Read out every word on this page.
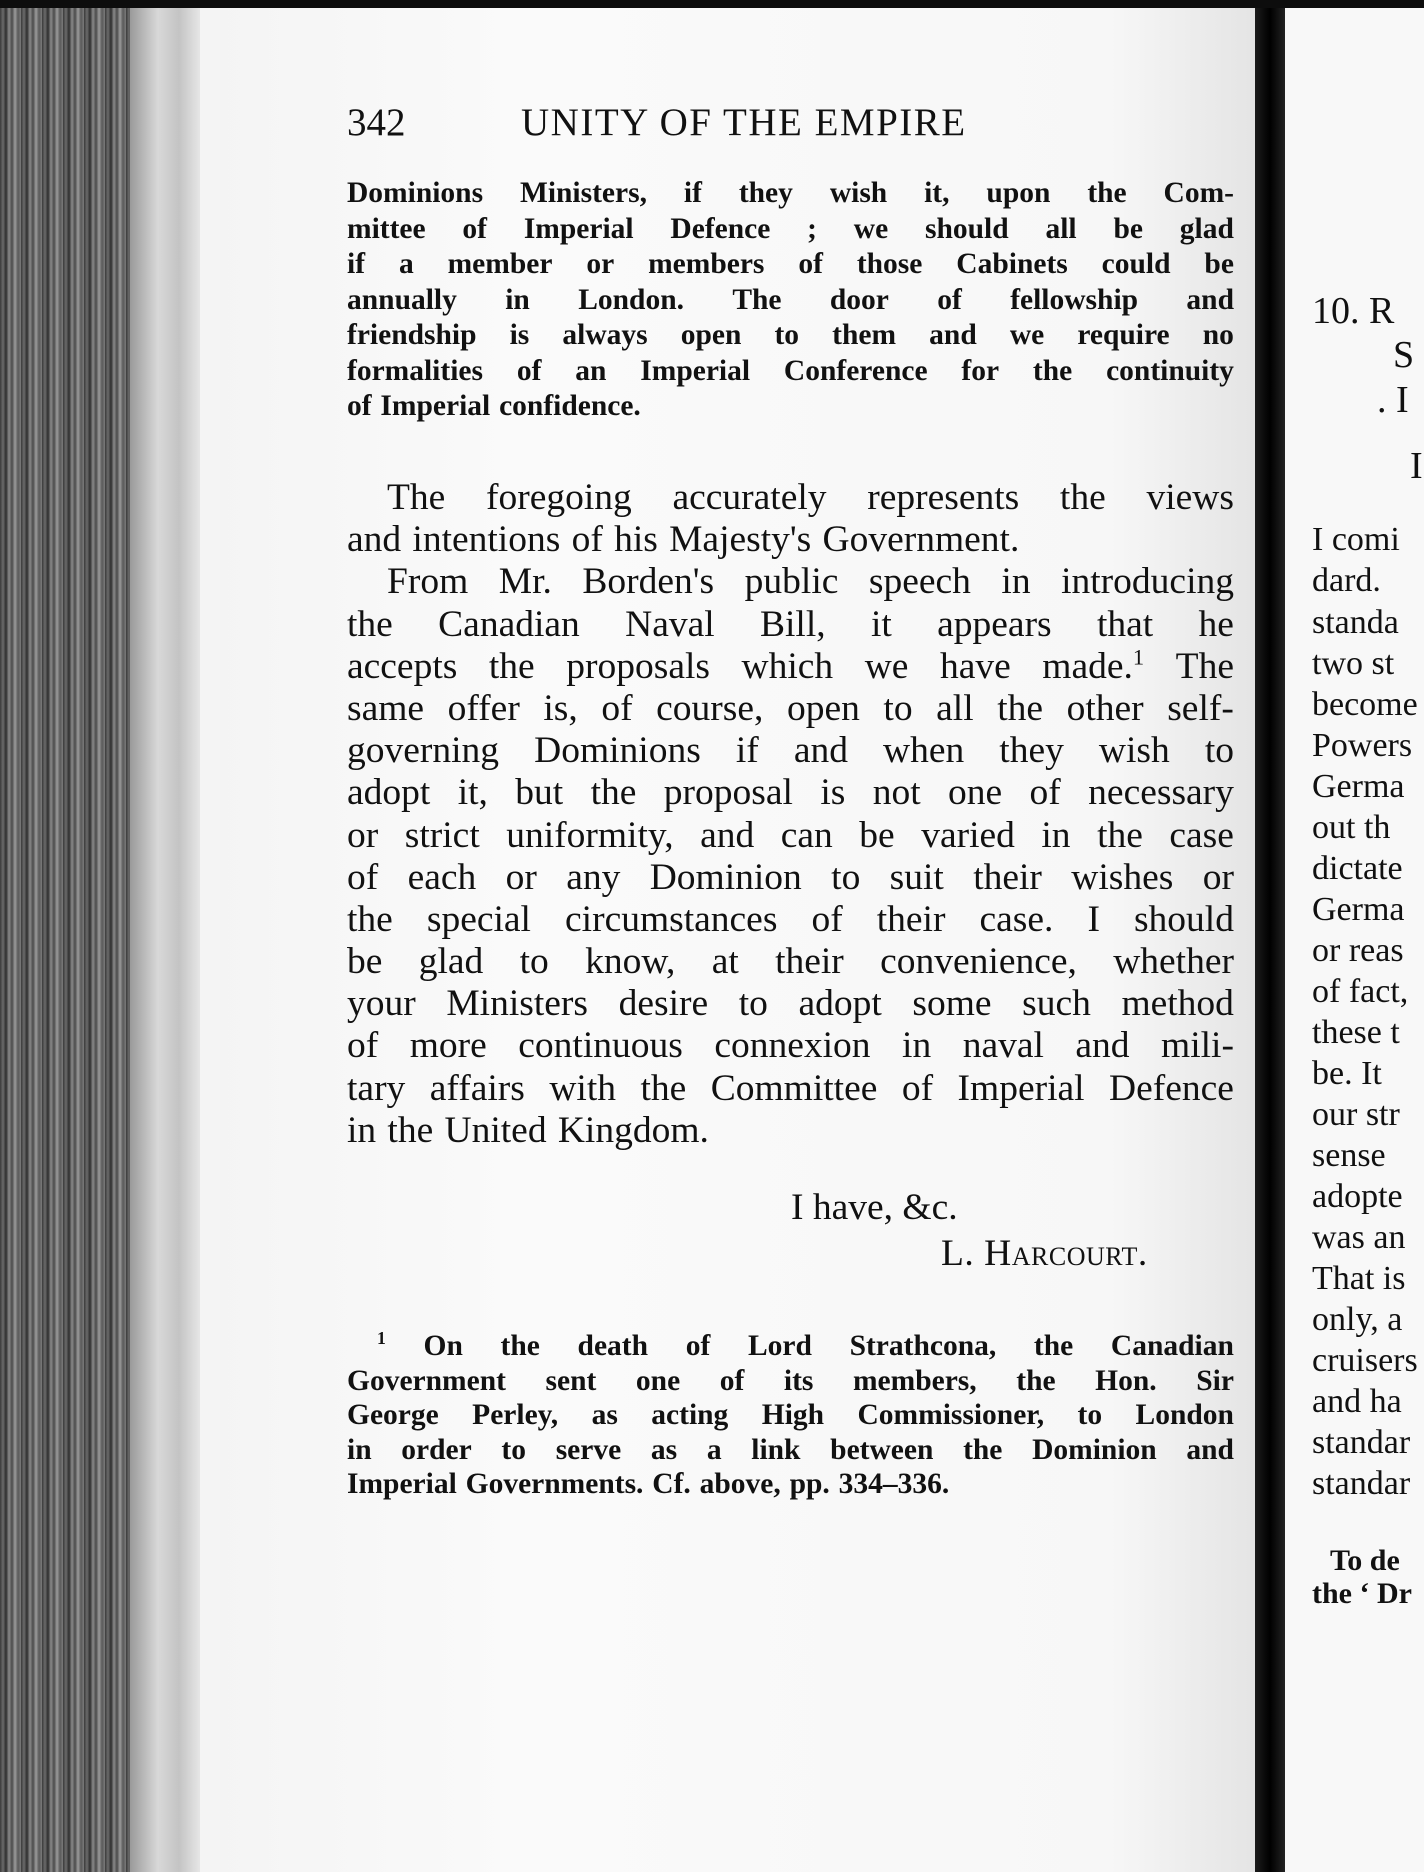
10. R
S
. I
I
I comi
dard.
standa
two st
become
Powers
Germa
out th
dictate
Germa
or reas
of fact,
these t
be. It
our str
sense
adopte
was an
That is
only, a
cruisers
and ha
standar
standar
To de
the ‘ Dr
342	UNITY OF THE EMPIRE
Dominions Ministers, if they wish it, upon the Com-
mittee of Imperial Defence ; we should all be glad
if a member or members of those Cabinets could be
annually in London. The door of fellowship and
friendship is always open to them and we require no
formalities of an Imperial Conference for the continuity
of Imperial confidence.
The foregoing accurately represents the views
and intentions of his Majesty's Government.
From Mr. Borden's public speech in introducing
the Canadian Naval Bill, it appears that he
accepts the proposals which we have made.$^1$ The
same offer is, of course, open to all the other self-
governing Dominions if and when they wish to
adopt it, but the proposal is not one of necessary
or strict uniformity, and can be varied in the case
of each or any Dominion to suit their wishes or
the special circumstances of their case. I should
be glad to know, at their convenience, whether
your Ministers desire to adopt some such method
of more continuous connexion in naval and mili-
tary affairs with the Committee of Imperial Defence
in the United Kingdom.
I have, &c.
L. Harcourt.
$^1$ On the death of Lord Strathcona, the Canadian
Government sent one of its members, the Hon. Sir
George Perley, as acting High Commissioner, to London
in order to serve as a link between the Dominion and
Imperial Governments. Cf. above, pp. 334–336.
